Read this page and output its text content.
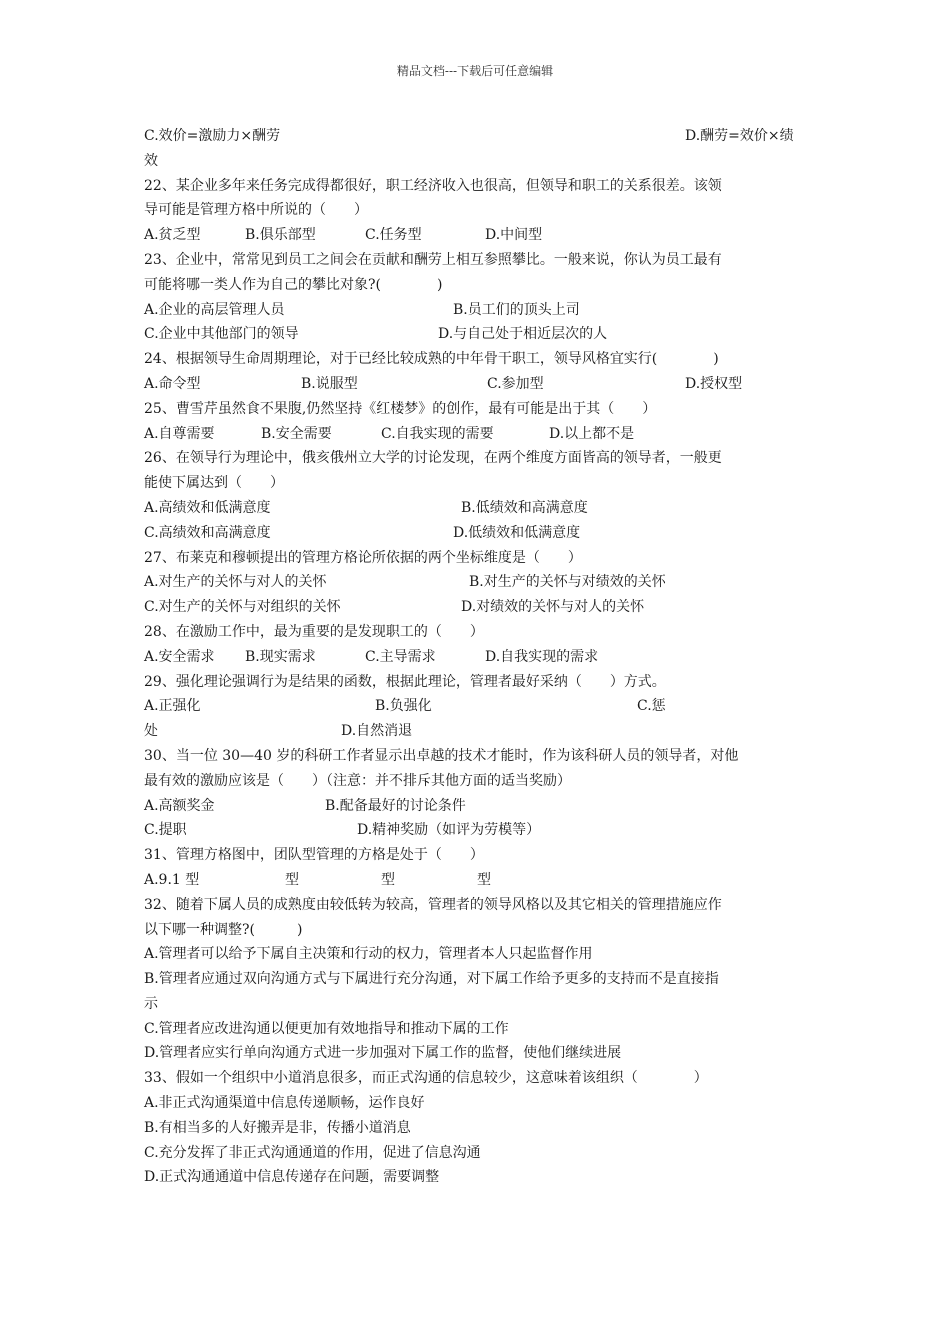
精品文档---下载后可任意编辑
C.效价=激励力×酬劳	D.酬劳=效价×绩
效
22、某企业多年来任务完成得都很好，职工经济收入也很高，但领导和职工的关系很差。该领
导可能是管理方格中所说的（　　）
A.贫乏型	B.俱乐部型	C.任务型	D.中间型
23、企业中，常常见到员工之间会在贡献和酬劳上相互参照攀比。一般来说，你认为员工最有
可能将哪一类人作为自己的攀比对象?(　　　　)
A.企业的高层管理人员	B.员工们的顶头上司
C.企业中其他部门的领导	D.与自己处于相近层次的人
24、根据领导生命周期理论，对于已经比较成熟的中年骨干职工，领导风格宜实行(　　　　)
A.命令型	B.说服型	C.参加型	D.授权型
25、曹雪芹虽然食不果腹,仍然坚持《红楼梦》的创作，最有可能是出于其（　　）
A.自尊需要	B.安全需要	C.自我实现的需要	D.以上都不是
26、在领导行为理论中，俄亥俄州立大学的讨论发现，在两个维度方面皆高的领导者，一般更
能使下属达到（　　）
A.高绩效和低满意度	B.低绩效和高满意度
C.高绩效和高满意度	D.低绩效和低满意度
27、布莱克和穆顿提出的管理方格论所依据的两个坐标维度是（　　）
A.对生产的关怀与对人的关怀	B.对生产的关怀与对绩效的关怀
C.对生产的关怀与对组织的关怀	D.对绩效的关怀与对人的关怀
28、在激励工作中，最为重要的是发现职工的（　　）
A.安全需求 B.现实需求	C.主导需求	D.自我实现的需求
29、强化理论强调行为是结果的函数，根据此理论，管理者最好采纳（　　）方式。
A.正强化	B.负强化	C.惩
处	D.自然消退
30、当一位 30—40 岁的科研工作者显示出卓越的技术才能时，作为该科研人员的领导者，对他
最有效的激励应该是（　　）（注意：并不排斥其他方面的适当奖励）
A.高额奖金	B.配备最好的讨论条件
C.提职	D.精神奖励（如评为劳模等）
31、管理方格图中，团队型管理的方格是处于（　　）
A.9.1 型	型	型	型
32、随着下属人员的成熟度由较低转为较高，管理者的领导风格以及其它相关的管理措施应作
以下哪一种调整?(　　　)
A.管理者可以给予下属自主决策和行动的权力，管理者本人只起监督作用
B.管理者应通过双向沟通方式与下属进行充分沟通，对下属工作给予更多的支持而不是直接指
示
C.管理者应改进沟通以便更加有效地指导和推动下属的工作
D.管理者应实行单向沟通方式进一步加强对下属工作的监督，使他们继续进展
33、假如一个组织中小道消息很多，而正式沟通的信息较少，这意味着该组织（　　　　）
A.非正式沟通渠道中信息传递顺畅，运作良好
B.有相当多的人好搬弄是非，传播小道消息
C.充分发挥了非正式沟通通道的作用，促进了信息沟通
D.正式沟通通道中信息传递存在问题，需要调整
